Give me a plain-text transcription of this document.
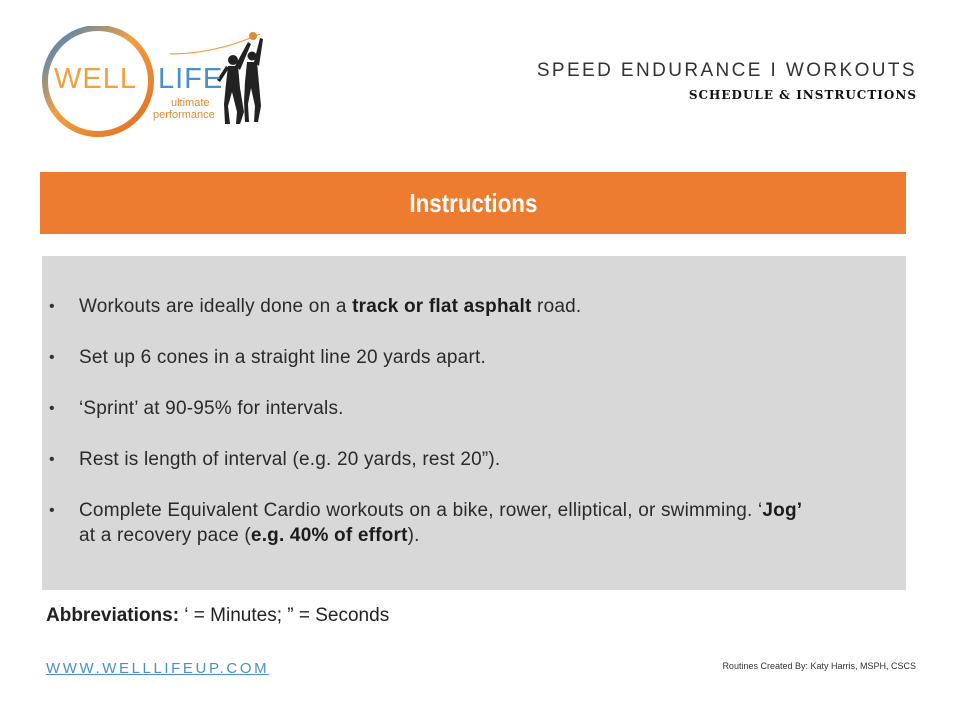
WELL LIFE
ultimate
performance
SPEED ENDURANCE I WORKOUTS
SCHEDULE & INSTRUCTIONS
Instructions
• Workouts are ideally done on a track or flat asphalt road.
• Set up 6 cones in a straight line 20 yards apart.
• ‘Sprint’ at 90-95% for intervals.
• Rest is length of interval (e.g. 20 yards, rest 20”).
• Complete Equivalent Cardio workouts on a bike, rower, elliptical, or swimming. ‘Jog’ at a recovery pace (e.g. 40% of effort).
Abbreviations: ‘ = Minutes; ” = Seconds
WWW.WELLLIFEUP.COM	Routines Created By: Katy Harris, MSPH, CSCS
